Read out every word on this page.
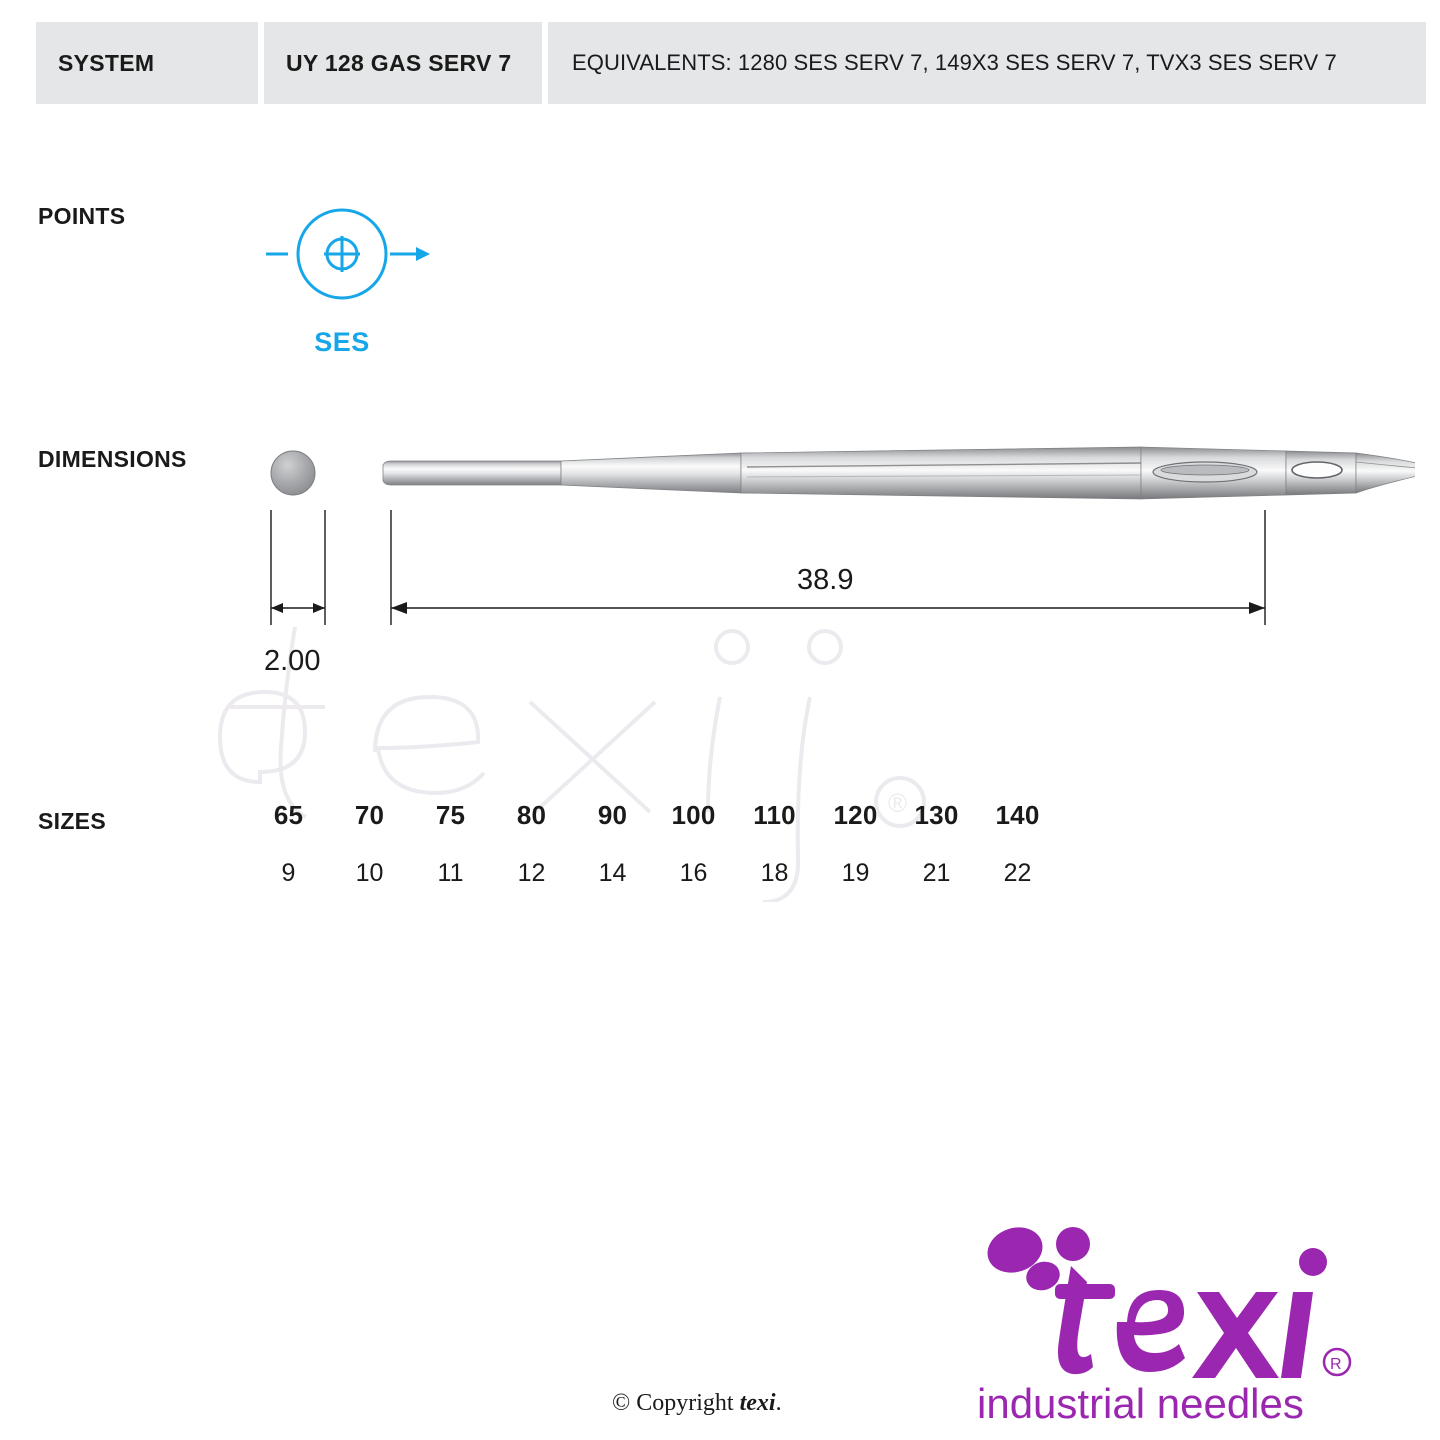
SYSTEM	UY 128 GAS SERV 7	EQUIVALENTS: 1280 SES SERV 7, 149X3 SES SERV 7, TVX3 SES SERV 7
POINTS
DIMENSIONS
SIZES
SES
®
2.00
38.9
65	70	75	80	90	100	110	120	130	140
9	10	11	12	14	16	18	19	21	22
© Copyright texi.
R
industrial needles
